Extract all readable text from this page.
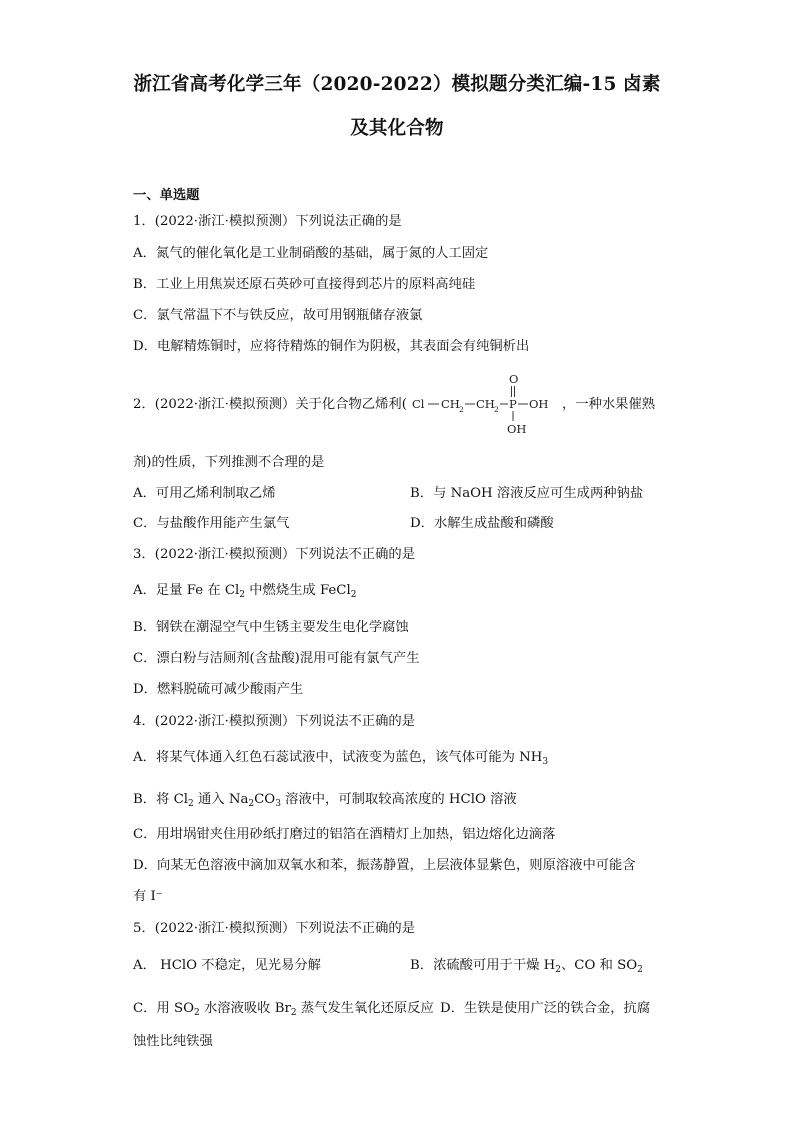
浙江省高考化学三年（2020-2022）模拟题分类汇编-15 卤素
及其化合物
一、单选题
1．(2022·浙江·模拟预测）下列说法正确的是
A．氮气的催化氧化是工业制硝酸的基础，属于氮的人工固定
B．工业上用焦炭还原石英砂可直接得到芯片的原料高纯硅
C．氯气常温下不与铁反应，故可用钢瓶储存液氯
D．电解精炼铜时，应将待精炼的铜作为阴极，其表面会有纯铜析出
2．(2022·浙江·模拟预测）关于化合物乙烯利( Cl CH 2 CH 2 P OH
O
OH
，一种水果催熟
剂)的性质，下列推测不合理的是
A．可用乙烯利制取乙烯	B．与 NaOH 溶液反应可生成两种钠盐
C．与盐酸作用能产生氯气	D．水解生成盐酸和磷酸
3．(2022·浙江·模拟预测）下列说法不正确的是
A．足量 Fe 在 $Cl_2$ 中燃烧生成 FeCl$_2$
B．钢铁在潮湿空气中生锈主要发生电化学腐蚀
C．漂白粉与洁厕剂(含盐酸)混用可能有氯气产生
D．燃料脱硫可减少酸雨产生
4．(2022·浙江·模拟预测）下列说法不正确的是
A．将某气体通入红色石蕊试液中，试液变为蓝色，该气体可能为 $NH_3$
B．将 $Cl_2$ 通入 $Na_2CO_3$ 溶液中，可制取较高浓度的 HClO 溶液
C．用坩埚钳夹住用砂纸打磨过的铝箔在酒精灯上加热，铝边熔化边滴落
D．向某无色溶液中滴加双氧水和苯，振荡静置，上层液体显紫色，则原溶液中可能含
有 I⁻
5．(2022·浙江·模拟预测）下列说法不正确的是
A． HClO 不稳定，见光易分解	B．浓硫酸可用于干燥 $H_2$、CO 和 $SO_2$
C．用 $SO_2$ 水溶液吸收 $Br_2$ 蒸气发生氧化还原反应 D．生铁是使用广泛的铁合金，抗腐
蚀性比纯铁强
